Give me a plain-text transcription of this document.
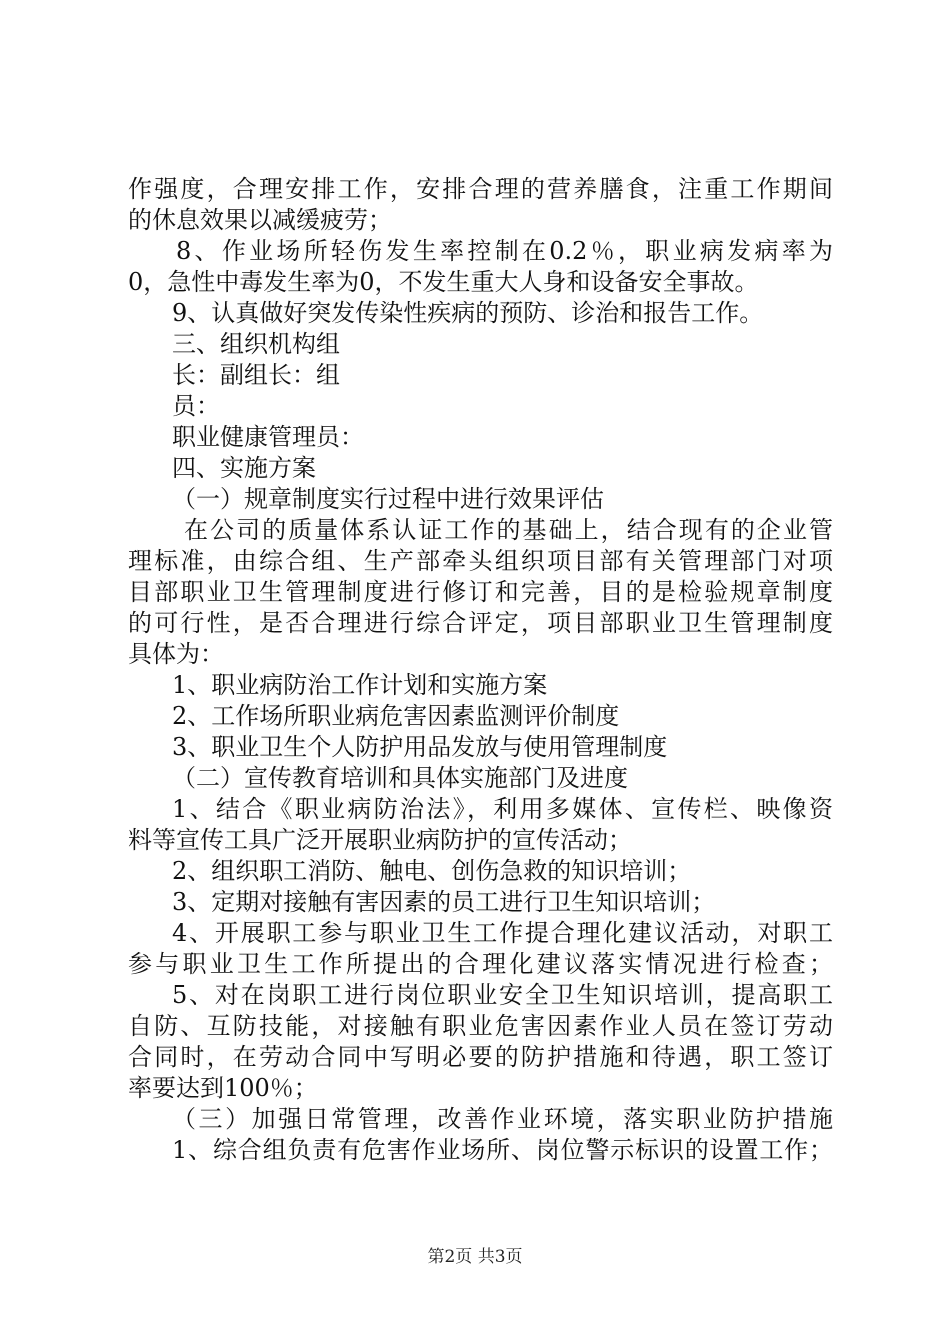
作强度，合理安排工作，安排合理的营养膳食，注重工作期间
的休息效果以减缓疲劳；
8、作业场所轻伤发生率控制在0.2％，职业病发病率为
0，急性中毒发生率为0，不发生重大人身和设备安全事故。
9、认真做好突发传染性疾病的预防、诊治和报告工作。
三、组织机构组
长：副组长：组
员：
职业健康管理员：
四、实施方案
（一）规章制度实行过程中进行效果评估
在公司的质量体系认证工作的基础上，结合现有的企业管
理标准，由综合组、生产部牵头组织项目部有关管理部门对项
目部职业卫生管理制度进行修订和完善，目的是检验规章制度
的可行性，是否合理进行综合评定，项目部职业卫生管理制度
具体为：
1、职业病防治工作计划和实施方案
2、工作场所职业病危害因素监测评价制度
3、职业卫生个人防护用品发放与使用管理制度
（二）宣传教育培训和具体实施部门及进度
1、结合《职业病防治法》，利用多媒体、宣传栏、映像资
料等宣传工具广泛开展职业病防护的宣传活动；
2、组织职工消防、触电、创伤急救的知识培训；
3、定期对接触有害因素的员工进行卫生知识培训；
4、开展职工参与职业卫生工作提合理化建议活动，对职工
参与职业卫生工作所提出的合理化建议落实情况进行检查；
5、对在岗职工进行岗位职业安全卫生知识培训，提高职工
自防、互防技能，对接触有职业危害因素作业人员在签订劳动
合同时，在劳动合同中写明必要的防护措施和待遇，职工签订
率要达到100％；
（三）加强日常管理，改善作业环境，落实职业防护措施
1、综合组负责有危害作业场所、岗位警示标识的设置工作；
第2页 共3页
